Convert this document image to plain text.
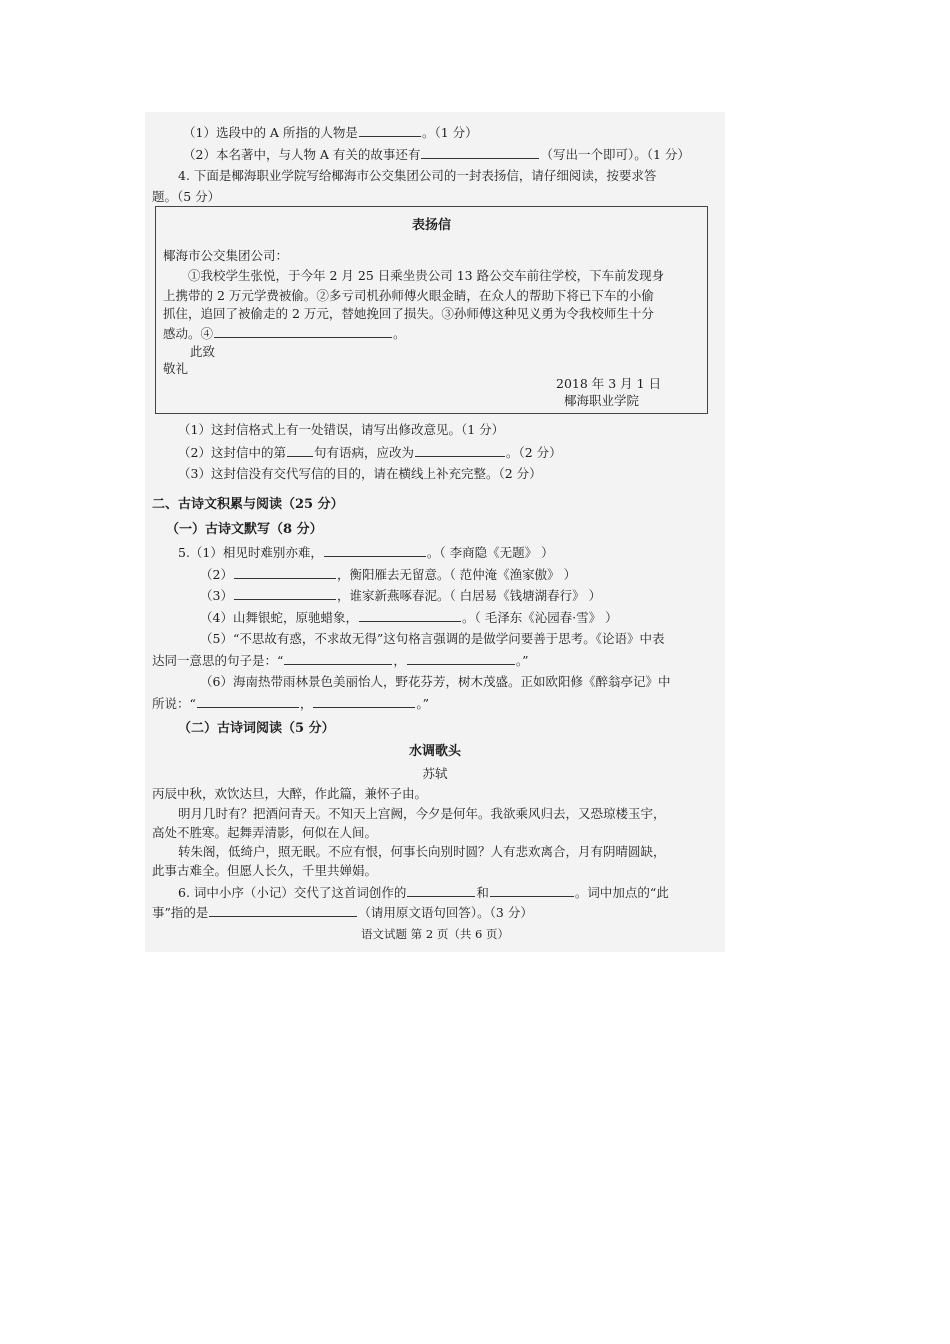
（1）选段中的 A 所指的人物是	。（1 分）
（2）本名著中，与人物 A 有关的故事还有	（写出一个即可）。（1 分）
4. 下面是椰海职业学院写给椰海市公交集团公司的一封表扬信，请仔细阅读，按要求答
题。（5 分）
表扬信
椰海市公交集团公司：
①我校学生张悦，于今年 2 月 25 日乘坐贵公司 13 路公交车前往学校，下车前发现身
上携带的 2 万元学费被偷。②多亏司机孙师傅火眼金睛，在众人的帮助下将已下车的小偷
抓住，追回了被偷走的 2 万元，替她挽回了损失。③孙师傅这种见义勇为令我校师生十分
感动。④	。
此致
敬礼
2018 年 3 月 1 日
椰海职业学院
（1）这封信格式上有一处错误，请写出修改意见。（1 分）
（2）这封信中的第 句有语病，应改为	。（2 分）
（3）这封信没有交代写信的目的，请在横线上补充完整。（2 分）
二、古诗文积累与阅读（25 分）
（一）古诗文默写（8 分）
5.（1）相见时难别亦难，	。（ 李商隐《无题》 ）
（2）	，衡阳雁去无留意。（ 范仲淹《渔家傲》 ）
（3）	，谁家新燕啄春泥。（ 白居易《钱塘湖春行》 ）
（4）山舞银蛇，原驰蜡象，	。（ 毛泽东《沁园春·雪》 ）
（5）“不思故有惑，不求故无得”这句格言强调的是做学问要善于思考。《论语》中表
达同一意思的句子是：“	，	。”
（6）海南热带雨林景色美丽怡人，野花芬芳，树木茂盛。正如欧阳修《醉翁亭记》中
所说：“	，	。”
（二）古诗词阅读（5 分）
水调歌头
苏轼
丙辰中秋，欢饮达旦，大醉，作此篇，兼怀子由。
明月几时有？把酒问青天。不知天上宫阙，今夕是何年。我欲乘风归去，又恐琼楼玉宇，
高处不胜寒。起舞弄清影，何似在人间。
转朱阁，低绮户，照无眠。不应有恨，何事长向别时圆？人有悲欢离合，月有阴晴圆缺，
此事古难全。但愿人长久，千里共婵娟。
6. 词中小序（小记）交代了这首词创作的	和	。词中加点的“此
事”指的是	（请用原文语句回答）。（3 分）
语文试题 第 2 页（共 6 页）
